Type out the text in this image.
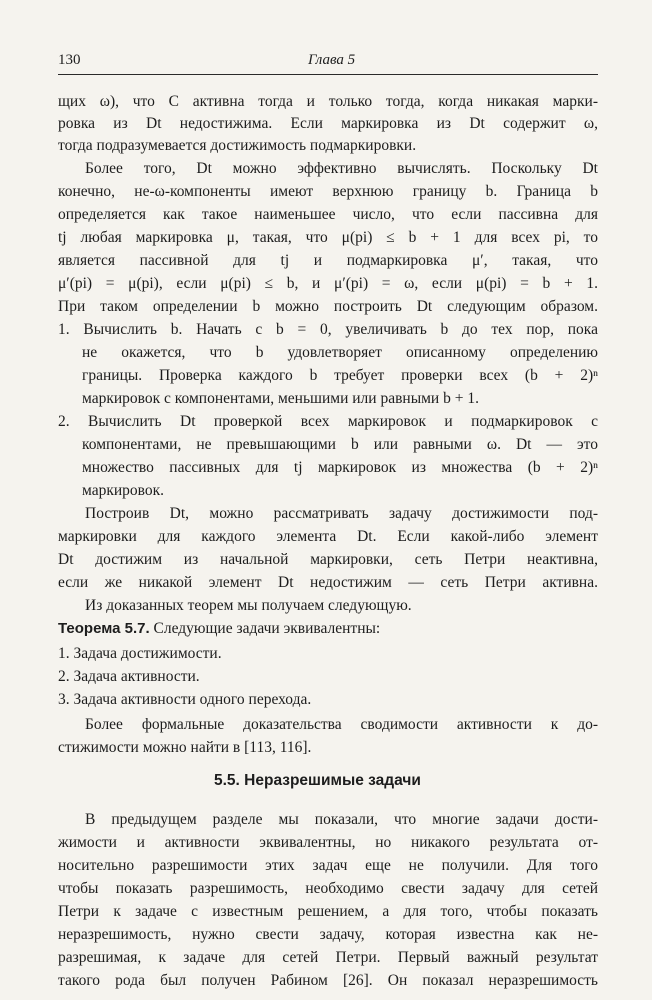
130	Глава 5
щих ω), что C активна тогда и только тогда, когда никакая марки-
ровка из Dt недостижима. Если маркировка из Dt содержит ω,
тогда подразумевается достижимость подмаркировки.
Более того, Dt можно эффективно вычислять. Поскольку Dt
конечно, не-ω-компоненты имеют верхнюю границу b. Граница b
определяется как такое наименьшее число, что если пассивна для
tj любая маркировка μ, такая, что μ(pi) ≤ b + 1 для всех pi, то
является пассивной для tj и подмаркировка μ′, такая, что
μ′(pi) = μ(pi), если μ(pi) ≤ b, и μ′(pi) = ω, если μ(pi) = b + 1.
При таком определении b можно построить Dt следующим образом.
1. Вычислить b. Начать с b = 0, увеличивать b до тех пор, пока
не окажется, что b удовлетворяет описанному определению
границы. Проверка каждого b требует проверки всех (b + 2)ⁿ
маркировок с компонентами, меньшими или равными b + 1.
2. Вычислить Dt проверкой всех маркировок и подмаркировок с
компонентами, не превышающими b или равными ω. Dt — это
множество пассивных для tj маркировок из множества (b + 2)ⁿ
маркировок.
Построив Dt, можно рассматривать задачу достижимости под-
маркировки для каждого элемента Dt. Если какой-либо элемент
Dt достижим из начальной маркировки, сеть Петри неактивна,
если же никакой элемент Dt недостижим — сеть Петри активна.
Из доказанных теорем мы получаем следующую.
1. Задача достижимости.
2. Задача активности.
3. Задача активности одного перехода.
Более формальные доказательства сводимости активности к до-
стижимости можно найти в [113, 116].
В предыдущем разделе мы показали, что многие задачи дости-
жимости и активности эквивалентны, но никакого результата от-
носительно разрешимости этих задач еще не получили. Для того
чтобы показать разрешимость, необходимо свести задачу для сетей
Петри к задаче с известным решением, а для того, чтобы показать
неразрешимость, нужно свести задачу, которая известна как не-
разрешимая, к задаче для сетей Петри. Первый важный результат
такого рода был получен Рабином [26]. Он показал неразрешимость
Теорема 5.7. Следующие задачи эквивалентны:
5.5. Неразрешимые задачи
